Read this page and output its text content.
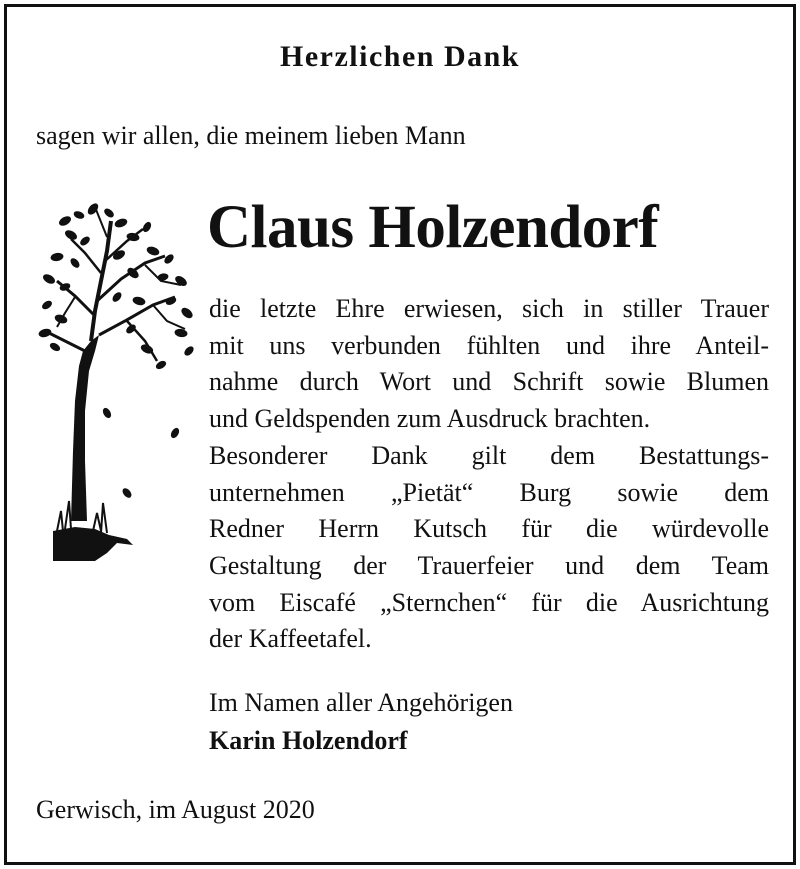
Herzlichen Dank
sagen wir allen, die meinem lieben Mann
Claus Holzendorf
die letzte Ehre erwiesen, sich in stiller Trauer
mit uns verbunden fühlten und ihre Anteil-
nahme durch Wort und Schrift sowie Blumen
und Geldspenden zum Ausdruck brachten.
Besonderer Dank gilt dem Bestattungs-
unternehmen „Pietät“ Burg sowie dem
Redner Herrn Kutsch für die würdevolle
Gestaltung der Trauerfeier und dem Team
vom Eiscafé „Sternchen“ für die Ausrichtung
der Kaffeetafel.
Im Namen aller Angehörigen
Karin Holzendorf
Gerwisch, im August 2020
